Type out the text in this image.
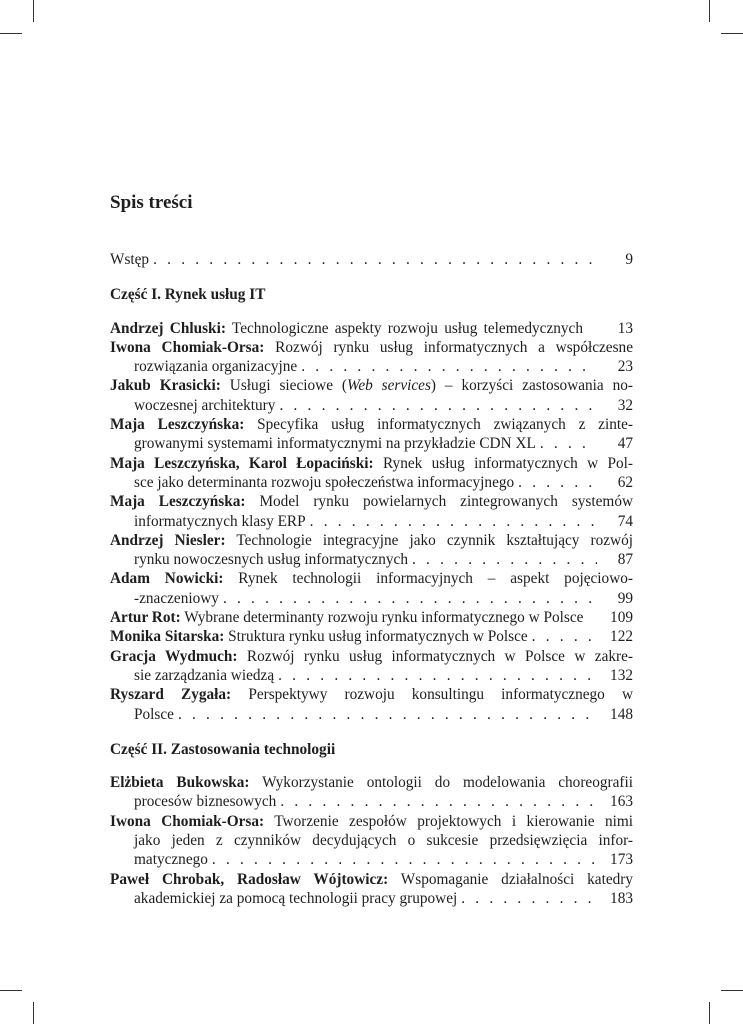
Spis treści
Wstęp . . .	9
Część I. Rynek usług IT
Andrzej Chluski: Technologiczne aspekty rozwoju usług telemedycznych	13
Iwona Chomiak-Orsa: Rozwój rynku usług informatycznych a współczesne
rozwiązania organizacyjne . . .	23
Jakub Krasicki: Usługi sieciowe (Web services) – korzyści zastosowania no-
woczesnej architektury . . .	32
Maja Leszczyńska: Specyfika usług informatycznych związanych z zinte-
growanymi systemami informatycznymi na przykładzie CDN XL . . .	47
Maja Leszczyńska, Karol Łopaciński: Rynek usług informatycznych w Pol-
sce jako determinanta rozwoju społeczeństwa informacyjnego . . .	62
Maja Leszczyńska: Model rynku powielarnych zintegrowanych systemów
informatycznych klasy ERP . . .	74
Andrzej Niesler: Technologie integracyjne jako czynnik kształtujący rozwój
rynku nowoczesnych usług informatycznych . . .	87
Adam Nowicki: Rynek technologii informacyjnych – aspekt pojęciowo-
-znaczeniowy . . .	99
Artur Rot: Wybrane determinanty rozwoju rynku informatycznego w Polsce	109
Monika Sitarska: Struktura rynku usług informatycznych w Polsce . . .	122
Gracja Wydmuch: Rozwój rynku usług informatycznych w Polsce w zakre-
sie zarządzania wiedzą . . .	132
Ryszard Zygała: Perspektywy rozwoju konsultingu informatycznego w
Polsce . . .	148
Część II. Zastosowania technologii
Elżbieta Bukowska: Wykorzystanie ontologii do modelowania choreografii
procesów biznesowych . . .	163
Iwona Chomiak-Orsa: Tworzenie zespołów projektowych i kierowanie nimi
jako jeden z czynników decydujących o sukcesie przedsięwzięcia infor-
matycznego . . .	173
Paweł Chrobak, Radosław Wójtowicz: Wspomaganie działalności katedry
akademickiej za pomocą technologii pracy grupowej . . .	183
